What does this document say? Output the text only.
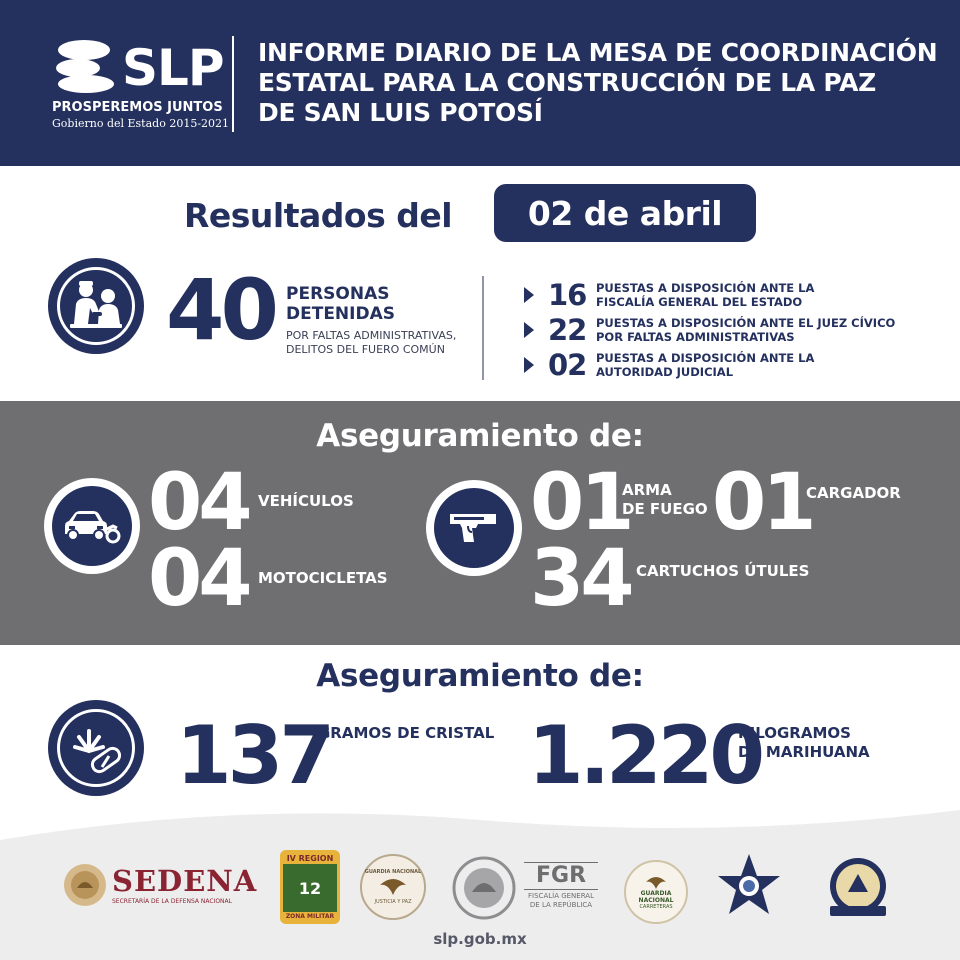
SLP
PROSPEREMOS JUNTOS
Gobierno del Estado 2015-2021
INFORME DIARIO DE LA MESA DE COORDINACIÓN
ESTATAL PARA LA CONSTRUCCIÓN DE LA PAZ
DE SAN LUIS POTOSÍ
Resultados del 02 de abril
40 PERSONAS
DETENIDAS
POR FALTAS ADMINISTRATIVAS,
DELITOS DEL FUERO COMÚN
16 PUESTAS A DISPOSICIÓN ANTE LA
FISCALÍA GENERAL DEL ESTADO
22 PUESTAS A DISPOSICIÓN ANTE EL JUEZ CÍVICO
POR FALTAS ADMINISTRATIVAS
02 PUESTAS A DISPOSICIÓN ANTE LA
AUTORIDAD JUDICIAL
Aseguramiento de:
04 VEHÍCULOS
04 MOTOCICLETAS
01
ARMA
DE FUEGO 01
CARGADOR
34 CARTUCHOS ÚTULES
Aseguramiento de:
137
GRAMOS DE CRISTAL 1.220
KILOGRAMOS
DE MARIHUANA
SEDENA
SECRETARÍA DE LA DEFENSA NACIONAL
IV REGION
12
ZONA MILITAR
GUARDIA NACIONAL
JUSTICIA Y PAZ
FGR
FISCALÍA GENERAL
DE LA REPÚBLICA
GUARDIA
NACIONAL
CARRETERAS
slp.gob.mx
